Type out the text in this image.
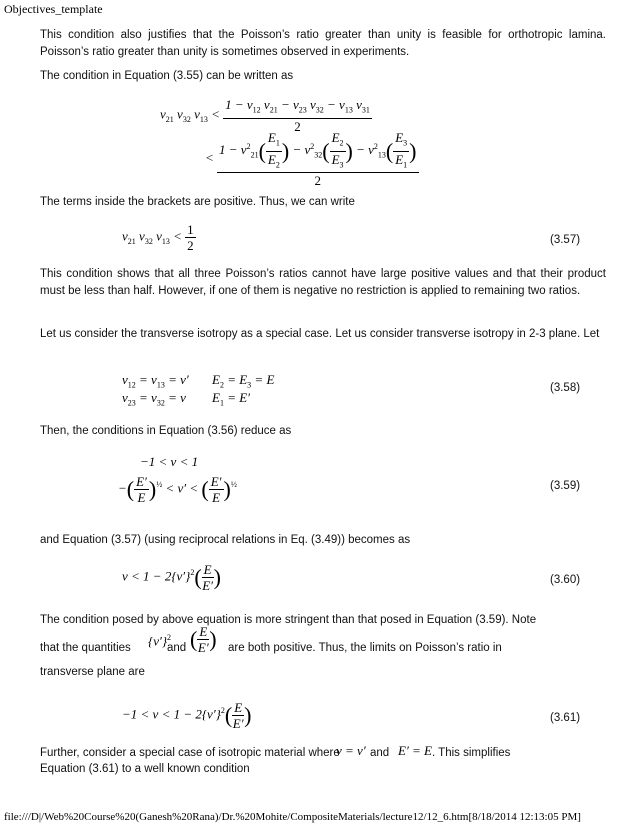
Objectives_template
This condition also justifies that the Poisson’s ratio greater than unity is feasible for orthotropic lamina. Poisson’s ratio greater than unity is sometimes observed in experiments.
The condition in Equation (3.55) can be written as
$\nu_{21}$ $\nu_{32}$ $\nu_{13} < \frac{1 - \nu_{12} \nu_{21} - \nu_{23} \nu_{32} - \nu_{13} \nu_{31}}{2}$
< $\frac{1 - \nu^2_{21}( \frac{E_1}{E_2} ) - \nu^2_{32}( \frac{E_2}{E_3} ) - \nu^2_{13}( \frac{E_3}{E_1} )}{2}$
The terms inside the brackets are positive. Thus, we can write
$\nu_{21}$ $\nu_{32}$ $\nu_{13} < \frac{1}{2}$	(3.57)
This condition shows that all three Poisson’s ratios cannot have large positive values and that their product must be less than half. However, if one of them is negative no restriction is applied to remaining two ratios.
Let us consider the transverse isotropy as a special case. Let us consider transverse isotropy in 2-3 plane. Let
$\nu_{12} = \nu_{13} = \nu'$ $E_2 = E_3 = E$
$\nu_{23} = \nu_{32} = \nu$ $E_1 = E'$
(3.58)
Then, the conditions in Equation (3.56) reduce as
−1 < ν < 1
−( $\frac{E'}{E} )^{\frac{1}{2}} < \nu'$ < ( $\frac{E'}{E} )^{\frac{1}{2}}$	(3.59)
and Equation (3.57) (using reciprocal relations in Eq. (3.49)) becomes as
$\nu < 1 - 2\{\nu'\}^2( \frac{E}{E'}$ )	(3.60)
The condition posed by above equation is more stringent than that posed in Equation (3.59). Note
that the quantities $\{\nu'\}^2$
and ( $\frac{E}{E'}$ ) are both positive. Thus, the limits on Poisson’s ratio in
transverse plane are
$-1 < \nu < 1 - 2\{\nu'\}^2( \frac{E}{E'}$ )	(3.61)
Further, consider a special case of isotropic material where
ν = ν′ and E′ = E . This simplifies
Equation (3.61) to a well known condition
file:///D|/Web%20Course%20(Ganesh%20Rana)/Dr.%20Mohite/CompositeMaterials/lecture12/12_6.htm[8/18/2014 12:13:05 PM]
